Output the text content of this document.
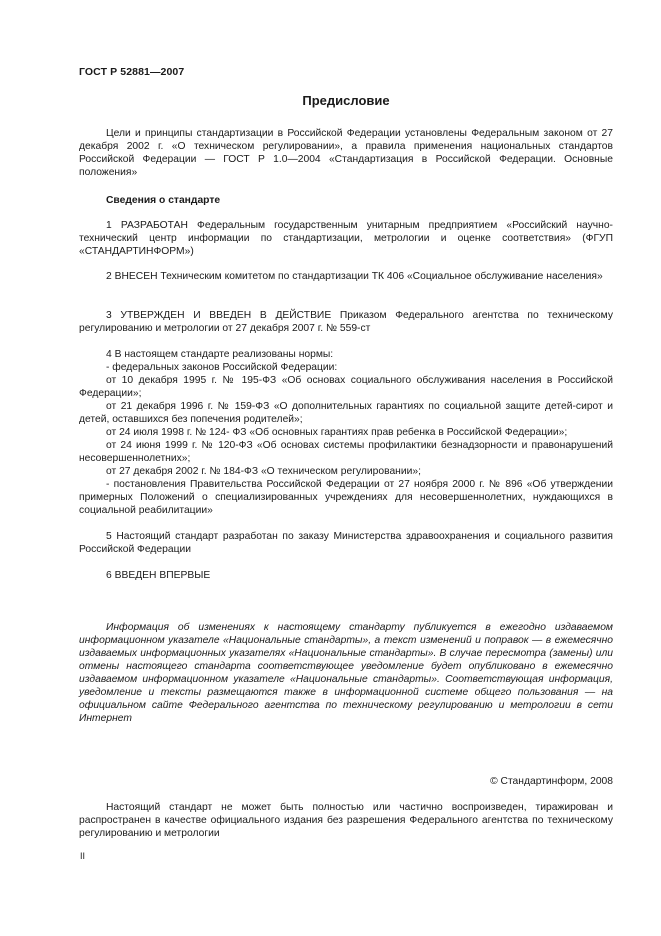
ГОСТ Р 52881—2007
Предисловие

Цели и принципы стандартизации в Российской Федерации установлены Федеральным законом от 27 декабря 2002 г. «О техническом регулировании», а правила применения национальных стандартов Российской Федерации — ГОСТ Р 1.0—2004 «Стандартизация в Российской Федерации. Основные положения»

Сведения о стандарте

1 РАЗРАБОТАН Федеральным государственным унитарным предприятием «Российский научно-технический центр информации по стандартизации, метрологии и оценке соответствия» (ФГУП «СТАНДАРТИНФОРМ»)

2 ВНЕСЕН Техническим комитетом по стандартизации ТК 406 «Социальное обслуживание населения»

3 УТВЕРЖДЕН И ВВЕДЕН В ДЕЙСТВИЕ Приказом Федерального агентства по техническому регулированию и метрологии от 27 декабря 2007 г. № 559-ст

4 В настоящем стандарте реализованы нормы:

- федеральных законов Российской Федерации:

от 10 декабря 1995 г. № 195-ФЗ «Об основах социального обслуживания населения в Российской Федерации»;

от 21 декабря 1996 г. № 159-ФЗ «О дополнительных гарантиях по социальной защите детей-сирот и детей, оставшихся без попечения родителей»;

от 24 июля 1998 г. № 124- ФЗ «Об основных гарантиях прав ребенка в Российской Федерации»;

от 24 июня 1999 г. № 120-ФЗ «Об основах системы профилактики безнадзорности и правонарушений несовершеннолетних»;

от 27 декабря 2002 г. № 184-ФЗ «О техническом регулировании»;

- постановления Правительства Российской Федерации от 27 ноября 2000 г. № 896 «Об утверждении примерных Положений о специализированных учреждениях для несовершеннолетних, нуждающихся в социальной реабилитации»

5 Настоящий стандарт разработан по заказу Министерства здравоохранения и социального развития Российской Федерации

6 ВВЕДЕН ВПЕРВЫЕ

Информация об изменениях к настоящему стандарту публикуется в ежегодно издаваемом информационном указателе «Национальные стандарты», а текст изменений и поправок — в ежемесячно издаваемых информационных указателях «Национальные стандарты». В случае пересмотра (замены) или отмены настоящего стандарта соответствующее уведомление будет опубликовано в ежемесячно издаваемом информационном указателе «Национальные стандарты». Соответствующая информация, уведомление и тексты размещаются также в информационной системе общего пользования — на официальном сайте Федерального агентства по техническому регулированию и метрологии в сети Интернет

© Стандартинформ, 2008

Настоящий стандарт не может быть полностью или частично воспроизведен, тиражирован и распространен в качестве официального издания без разрешения Федерального агентства по техническому регулированию и метрологии

II
